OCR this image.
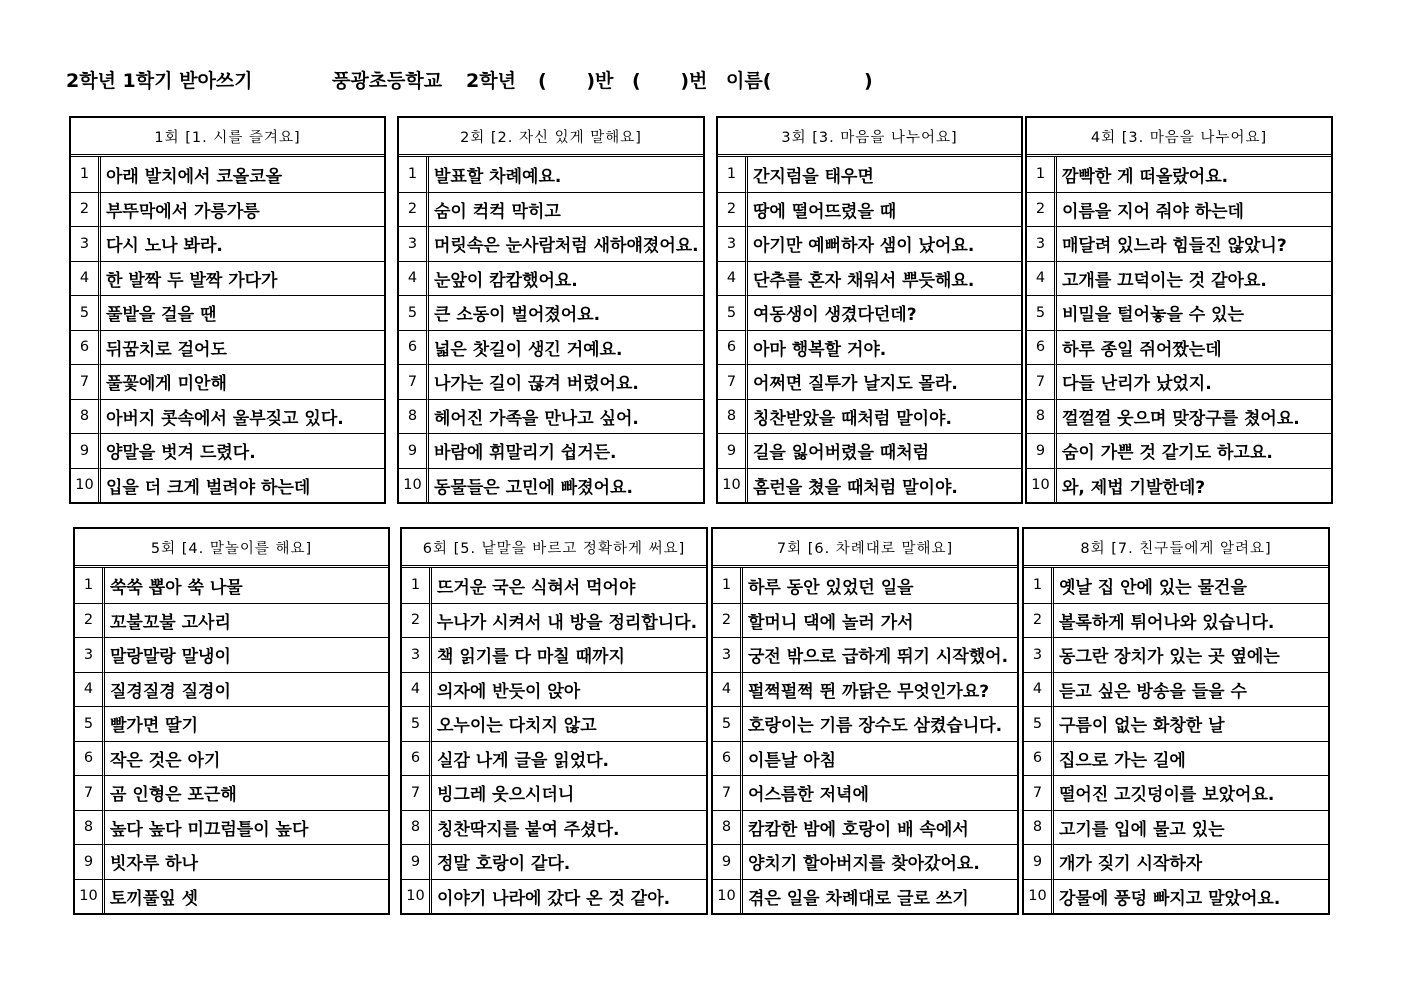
2학년 1학기 받아쓰기	풍광초등학교 2학년 (      )반 (      )번 이름(              )
1회 [1. 시를 즐겨요]
1 아래 발치에서 코올코올
2 부뚜막에서 가릉가릉
3 다시 노나 봐라.
4 한 발짝 두 발짝 가다가
5 풀밭을 걸을 땐
6 뒤꿈치로 걸어도
7 풀꽃에게 미안해
8 아버지 콧속에서 울부짖고 있다.
9 양말을 벗겨 드렸다.
10 입을 더 크게 벌려야 하는데
2회 [2. 자신 있게 말해요]
1 발표할 차례예요.
2 숨이 컥컥 막히고
3 머릿속은 눈사람처럼 새하얘졌어요.
4 눈앞이 캄캄했어요.
5 큰 소동이 벌어졌어요.
6 넓은 찻길이 생긴 거예요.
7 나가는 길이 끊겨 버렸어요.
8 헤어진 가족을 만나고 싶어.
9 바람에 휘말리기 쉽거든.
10 동물들은 고민에 빠졌어요.
3회 [3. 마음을 나누어요]
1 간지럼을 태우면
2 땅에 떨어뜨렸을 때
3 아기만 예뻐하자 샘이 났어요.
4 단추를 혼자 채워서 뿌듯해요.
5 여동생이 생겼다던데?
6 아마 행복할 거야.
7 어쩌면 질투가 날지도 몰라.
8 칭찬받았을 때처럼 말이야.
9 길을 잃어버렸을 때처럼
10 홈런을 쳤을 때처럼 말이야.
4회 [3. 마음을 나누어요]
1 깜빡한 게 떠올랐어요.
2 이름을 지어 줘야 하는데
3 매달려 있느라 힘들진 않았니?
4 고개를 끄덕이는 것 같아요.
5 비밀을 털어놓을 수 있는
6 하루 종일 쥐어짰는데
7 다들 난리가 났었지.
8 껄껄껄 웃으며 맞장구를 쳤어요.
9 숨이 가쁜 것 같기도 하고요.
10 와, 제법 기발한데?
5회 [4. 말놀이를 해요]
1 쑥쑥 뽑아 쑥 나물
2 꼬불꼬불 고사리
3 말랑말랑 말냉이
4 질경질경 질경이
5 빨가면 딸기
6 작은 것은 아기
7 곰 인형은 포근해
8 높다 높다 미끄럼틀이 높다
9 빗자루 하나
10 토끼풀잎 셋
6회 [5. 낱말을 바르고 정확하게 써요]
1 뜨거운 국은 식혀서 먹어야
2 누나가 시켜서 내 방을 정리합니다.
3 책 읽기를 다 마칠 때까지
4 의자에 반듯이 앉아
5 오누이는 다치지 않고
6 실감 나게 글을 읽었다.
7 빙그레 웃으시더니
8 칭찬딱지를 붙여 주셨다.
9 정말 호랑이 같다.
10 이야기 나라에 갔다 온 것 같아.
7회 [6. 차례대로 말해요]
1 하루 동안 있었던 일을
2 할머니 댁에 놀러 가서
3 궁전 밖으로 급하게 뛰기 시작했어.
4 펄쩍펄쩍 뛴 까닭은 무엇인가요?
5 호랑이는 기름 장수도 삼켰습니다.
6 이튿날 아침
7 어스름한 저녁에
8 캄캄한 밤에 호랑이 배 속에서
9 양치기 할아버지를 찾아갔어요.
10 겪은 일을 차례대로 글로 쓰기
8회 [7. 친구들에게 알려요]
1 옛날 집 안에 있는 물건을
2 볼록하게 튀어나와 있습니다.
3 동그란 장치가 있는 곳 옆에는
4 듣고 싶은 방송을 들을 수
5 구름이 없는 화창한 날
6 집으로 가는 길에
7 떨어진 고깃덩이를 보았어요.
8 고기를 입에 물고 있는
9 개가 짖기 시작하자
10 강물에 풍덩 빠지고 말았어요.
